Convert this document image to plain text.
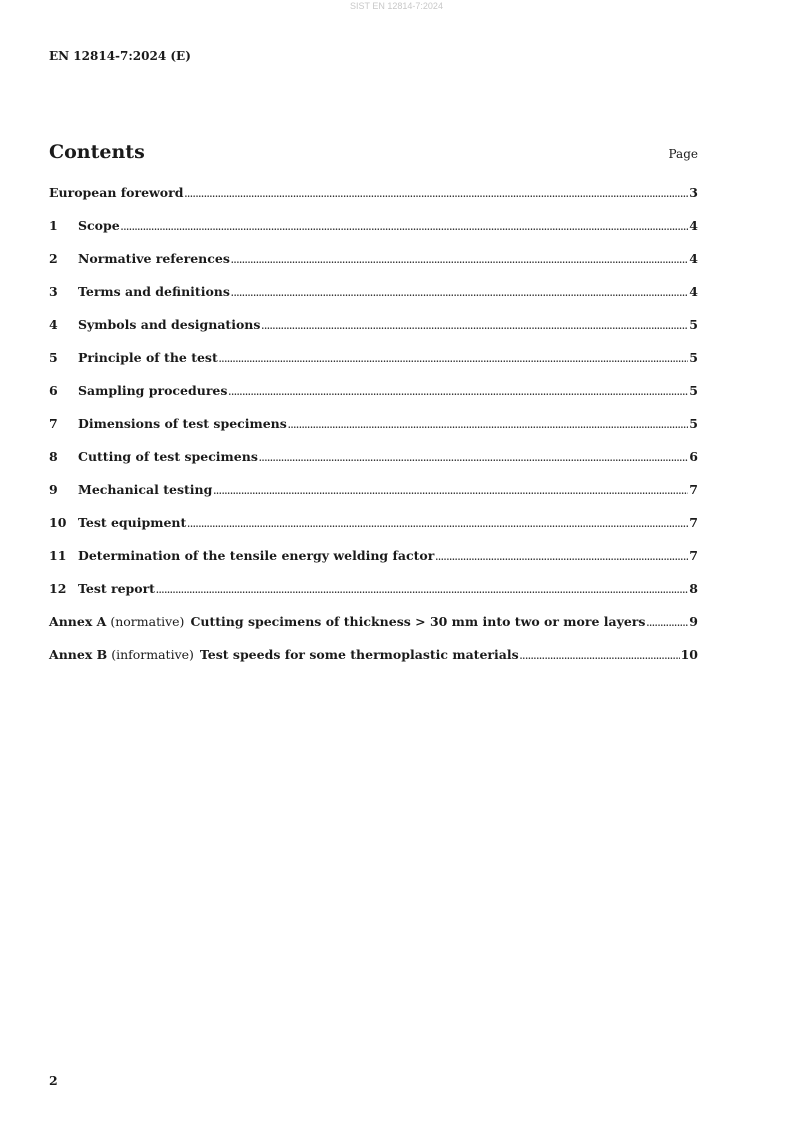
SIST EN 12814-7:2024
EN 12814-7:2024 (E)
Contents	Page
European foreword .....	3
1	Scope .....	4
2	Normative references .....	4
3	Terms and definitions .....	4
4	Symbols and designations .....	5
5	Principle of the test .....	5
6	Sampling procedures .....	5
7	Dimensions of test specimens .....	5
8	Cutting of test specimens .....	6
9	Mechanical testing .....	7
10 Test equipment .....	7
11 Determination of the tensile energy welding factor .....	7
12 Test report .....	8
Annex A (normative) Cutting specimens of thickness > 30 mm into two or more layers .....	9
Annex B (informative) Test speeds for some thermoplastic materials .....	10
2
